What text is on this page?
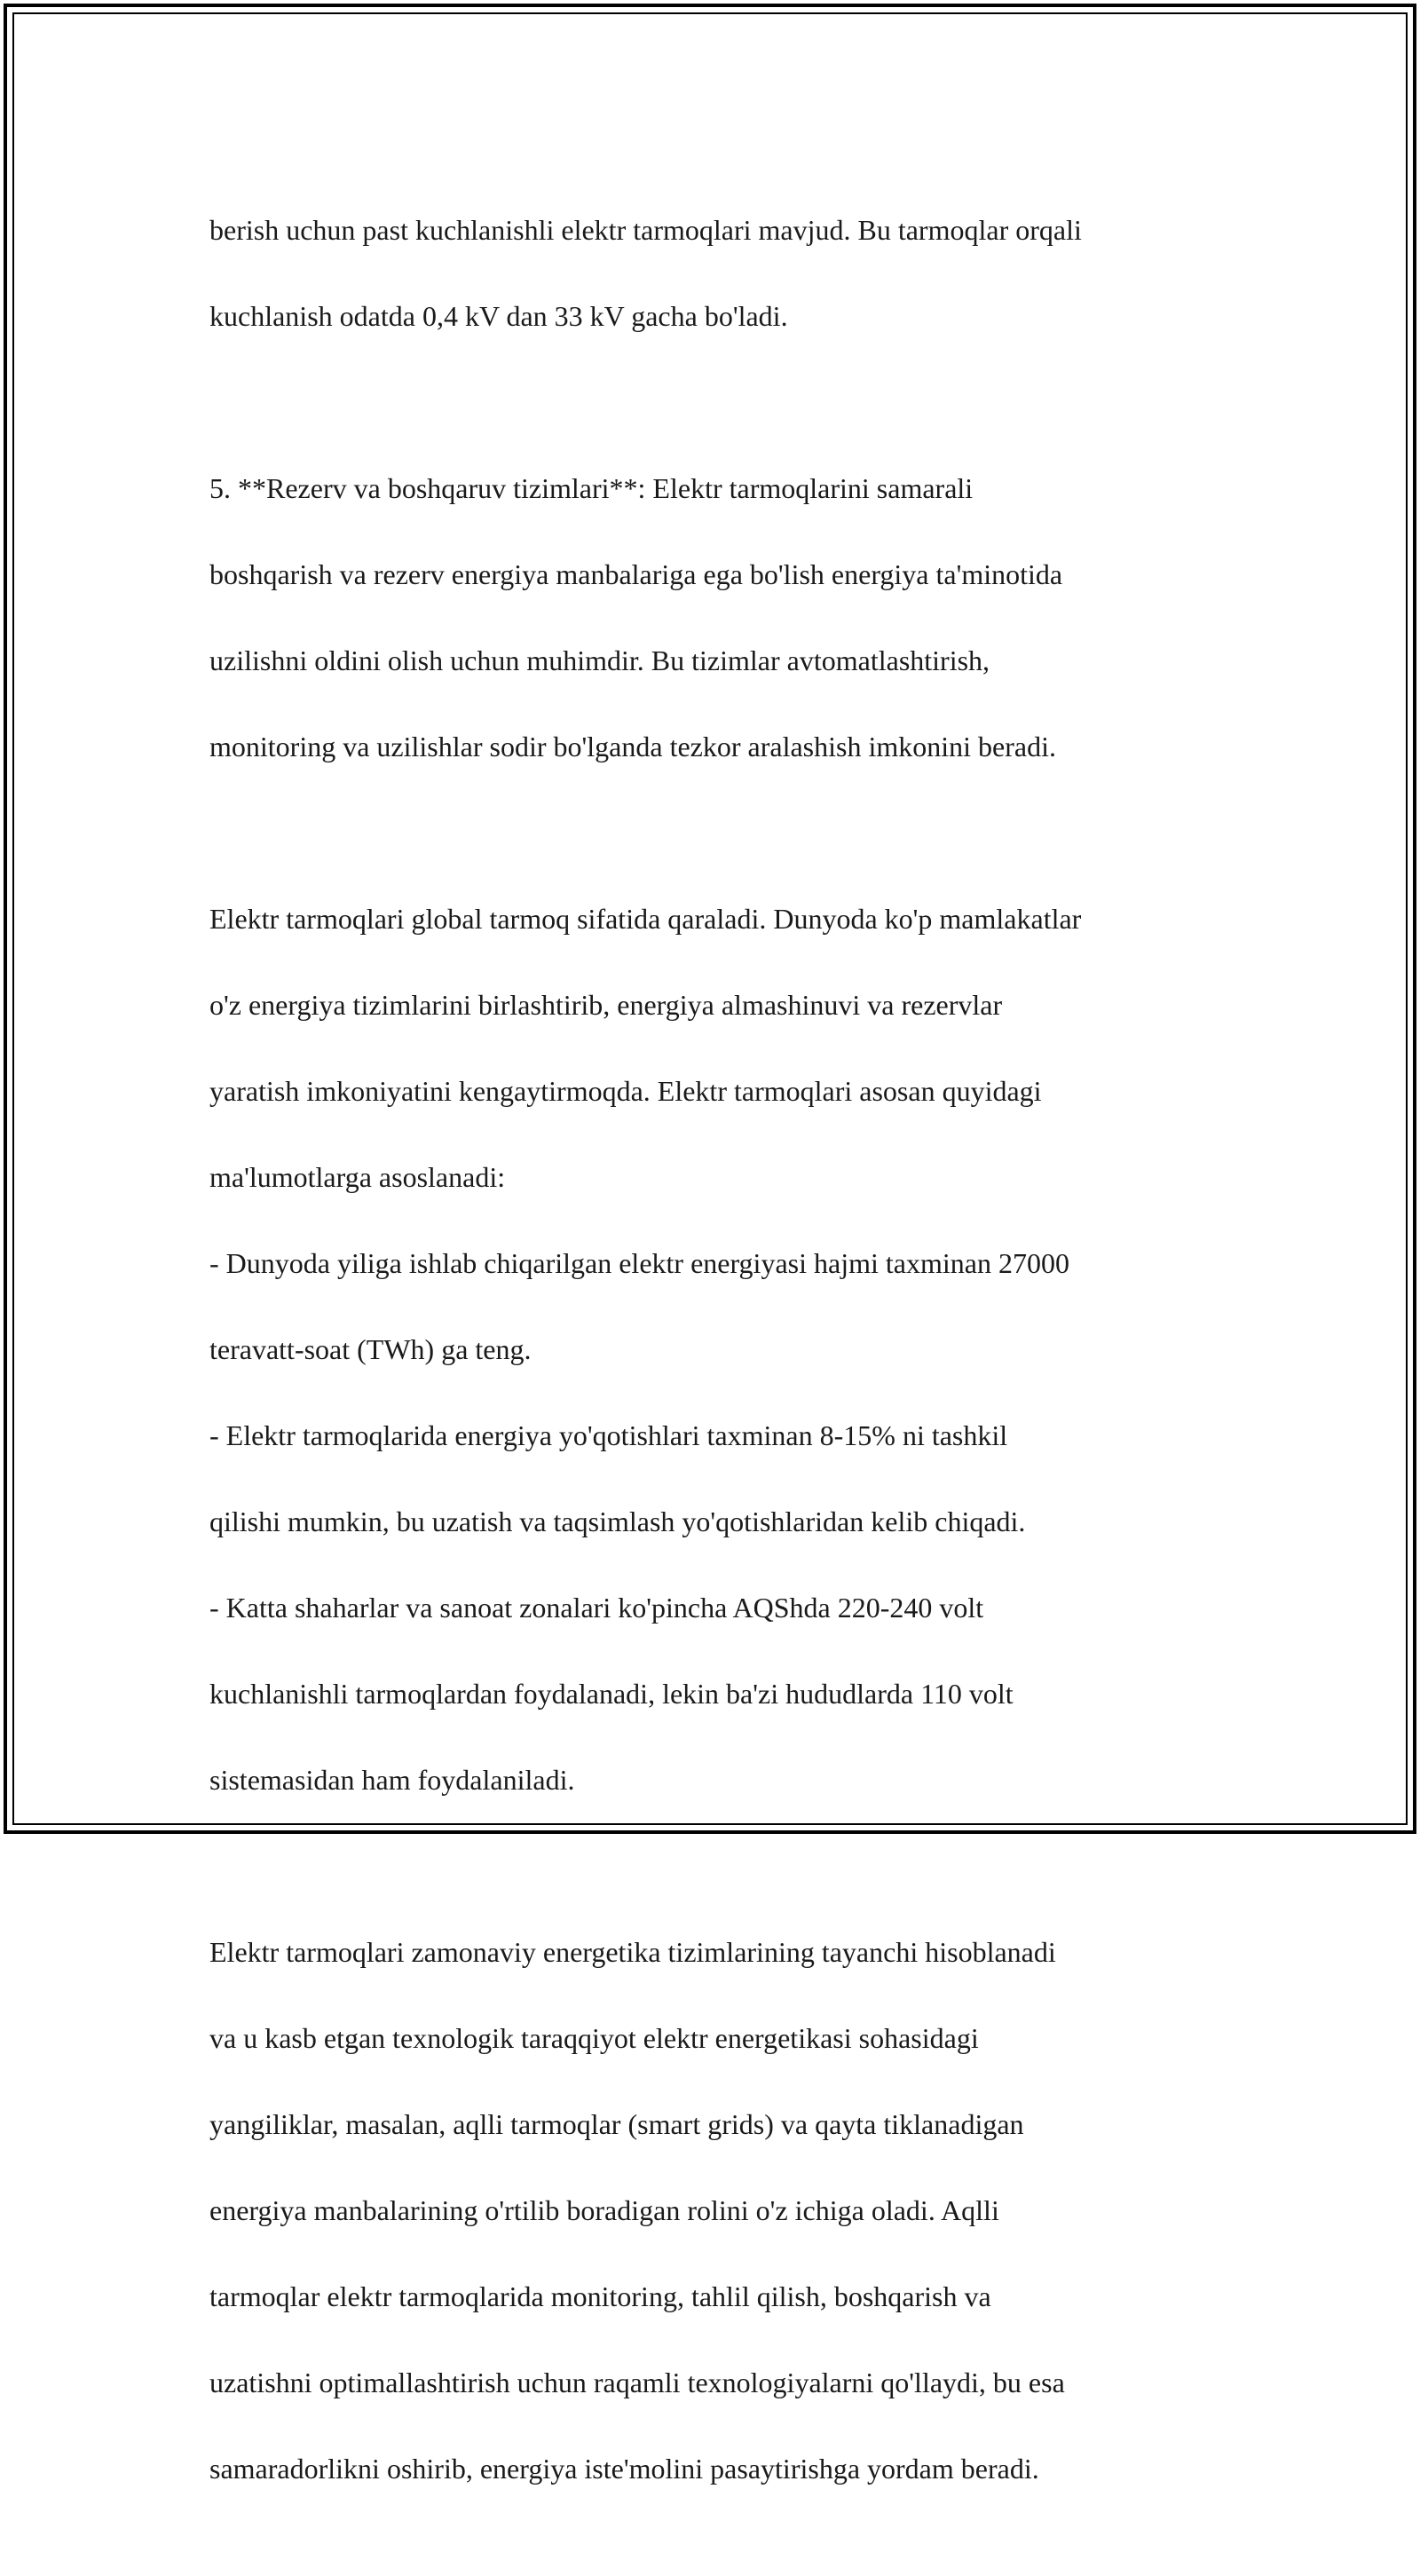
berish uchun past kuchlanishli elektr tarmoqlari mavjud. Bu tarmoqlar orqali

kuchlanish odatda 0,4 kV dan 33 kV gacha bo'ladi.

5. **Rezerv va boshqaruv tizimlari**: Elektr tarmoqlarini samarali

boshqarish va rezerv energiya manbalariga ega bo'lish energiya ta'minotida

uzilishni oldini olish uchun muhimdir. Bu tizimlar avtomatlashtirish,

monitoring va uzilishlar sodir bo'lganda tezkor aralashish imkonini beradi.

Elektr tarmoqlari global tarmoq sifatida qaraladi. Dunyoda ko'p mamlakatlar

o'z energiya tizimlarini birlashtirib, energiya almashinuvi va rezervlar

yaratish imkoniyatini kengaytirmoqda. Elektr tarmoqlari asosan quyidagi

ma'lumotlarga asoslanadi:

- Dunyoda yiliga ishlab chiqarilgan elektr energiyasi hajmi taxminan 27000

teravatt-soat (TWh) ga teng.

- Elektr tarmoqlarida energiya yo'qotishlari taxminan 8-15% ni tashkil

qilishi mumkin, bu uzatish va taqsimlash yo'qotishlaridan kelib chiqadi.

- Katta shaharlar va sanoat zonalari ko'pincha AQShda 220-240 volt

kuchlanishli tarmoqlardan foydalanadi, lekin ba'zi hududlarda 110 volt

sistemasidan ham foydalaniladi.

Elektr tarmoqlari zamonaviy energetika tizimlarining tayanchi hisoblanadi

va u kasb etgan texnologik taraqqiyot elektr energetikasi sohasidagi

yangiliklar, masalan, aqlli tarmoqlar (smart grids) va qayta tiklanadigan

energiya manbalarining o'rtilib boradigan rolini o'z ichiga oladi. Aqlli

tarmoqlar elektr tarmoqlarida monitoring, tahlil qilish, boshqarish va

uzatishni optimallashtirish uchun raqamli texnologiyalarni qo'llaydi, bu esa

samaradorlikni oshirib, energiya iste'molini pasaytirishga yordam beradi.
